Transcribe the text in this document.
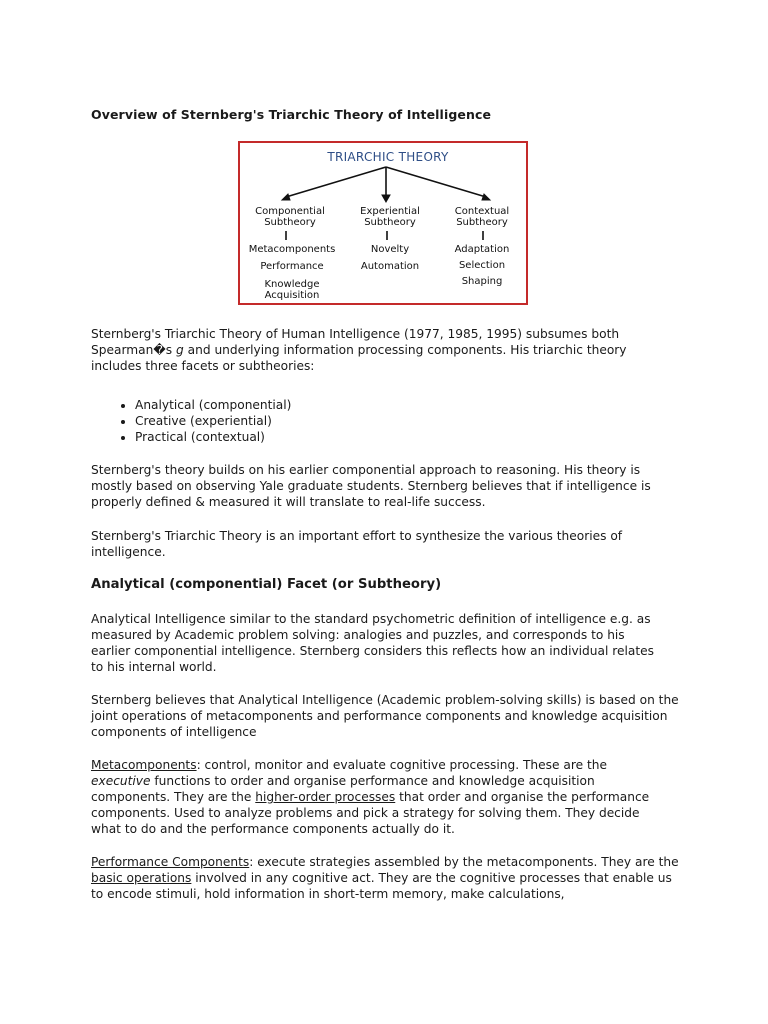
Overview of Sternberg's Triarchic Theory of Intelligence
TRIARCHIC THEORY
Componential
Subtheory
Metacomponents
Performance
Knowledge
Acquisition
Experiential
Subtheory
Novelty
Automation
Contextual
Subtheory
Adaptation
Selection
Shaping

Sternberg's Triarchic Theory of Human Intelligence (1977, 1985, 1995) subsumes both
Spearman�s g and underlying information processing components. His triarchic theory
includes three facets or subtheories:

• Analytical (componential)
• Creative (experiential)
• Practical (contextual)

Sternberg's theory builds on his earlier componential approach to reasoning. His theory is mostly based on observing Yale graduate students. Sternberg believes that if intelligence is properly defined & measured it will translate to real-life success.

Sternberg's Triarchic Theory is an important effort to synthesize the various theories of intelligence.

Analytical (componential) Facet (or Subtheory)

Analytical Intelligence similar to the standard psychometric definition of intelligence e.g. as measured by Academic problem solving: analogies and puzzles, and corresponds to his earlier componential intelligence. Sternberg considers this reflects how an individual relates to his internal world.

Sternberg believes that Analytical Intelligence (Academic problem-solving skills) is based on the joint operations of metacomponents and performance components and knowledge acquisition components of intelligence

Metacomponents: control, monitor and evaluate cognitive processing. These are the executive functions to order and organise performance and knowledge acquisition components. They are the higher-order processes that order and organise the performance components. Used to analyze problems and pick a strategy for solving them. They decide what to do and the performance components actually do it.

Performance Components: execute strategies assembled by the metacomponents. They are the basic operations involved in any cognitive act. They are the cognitive processes that enable us to encode stimuli, hold information in short-term memory, make calculations,
